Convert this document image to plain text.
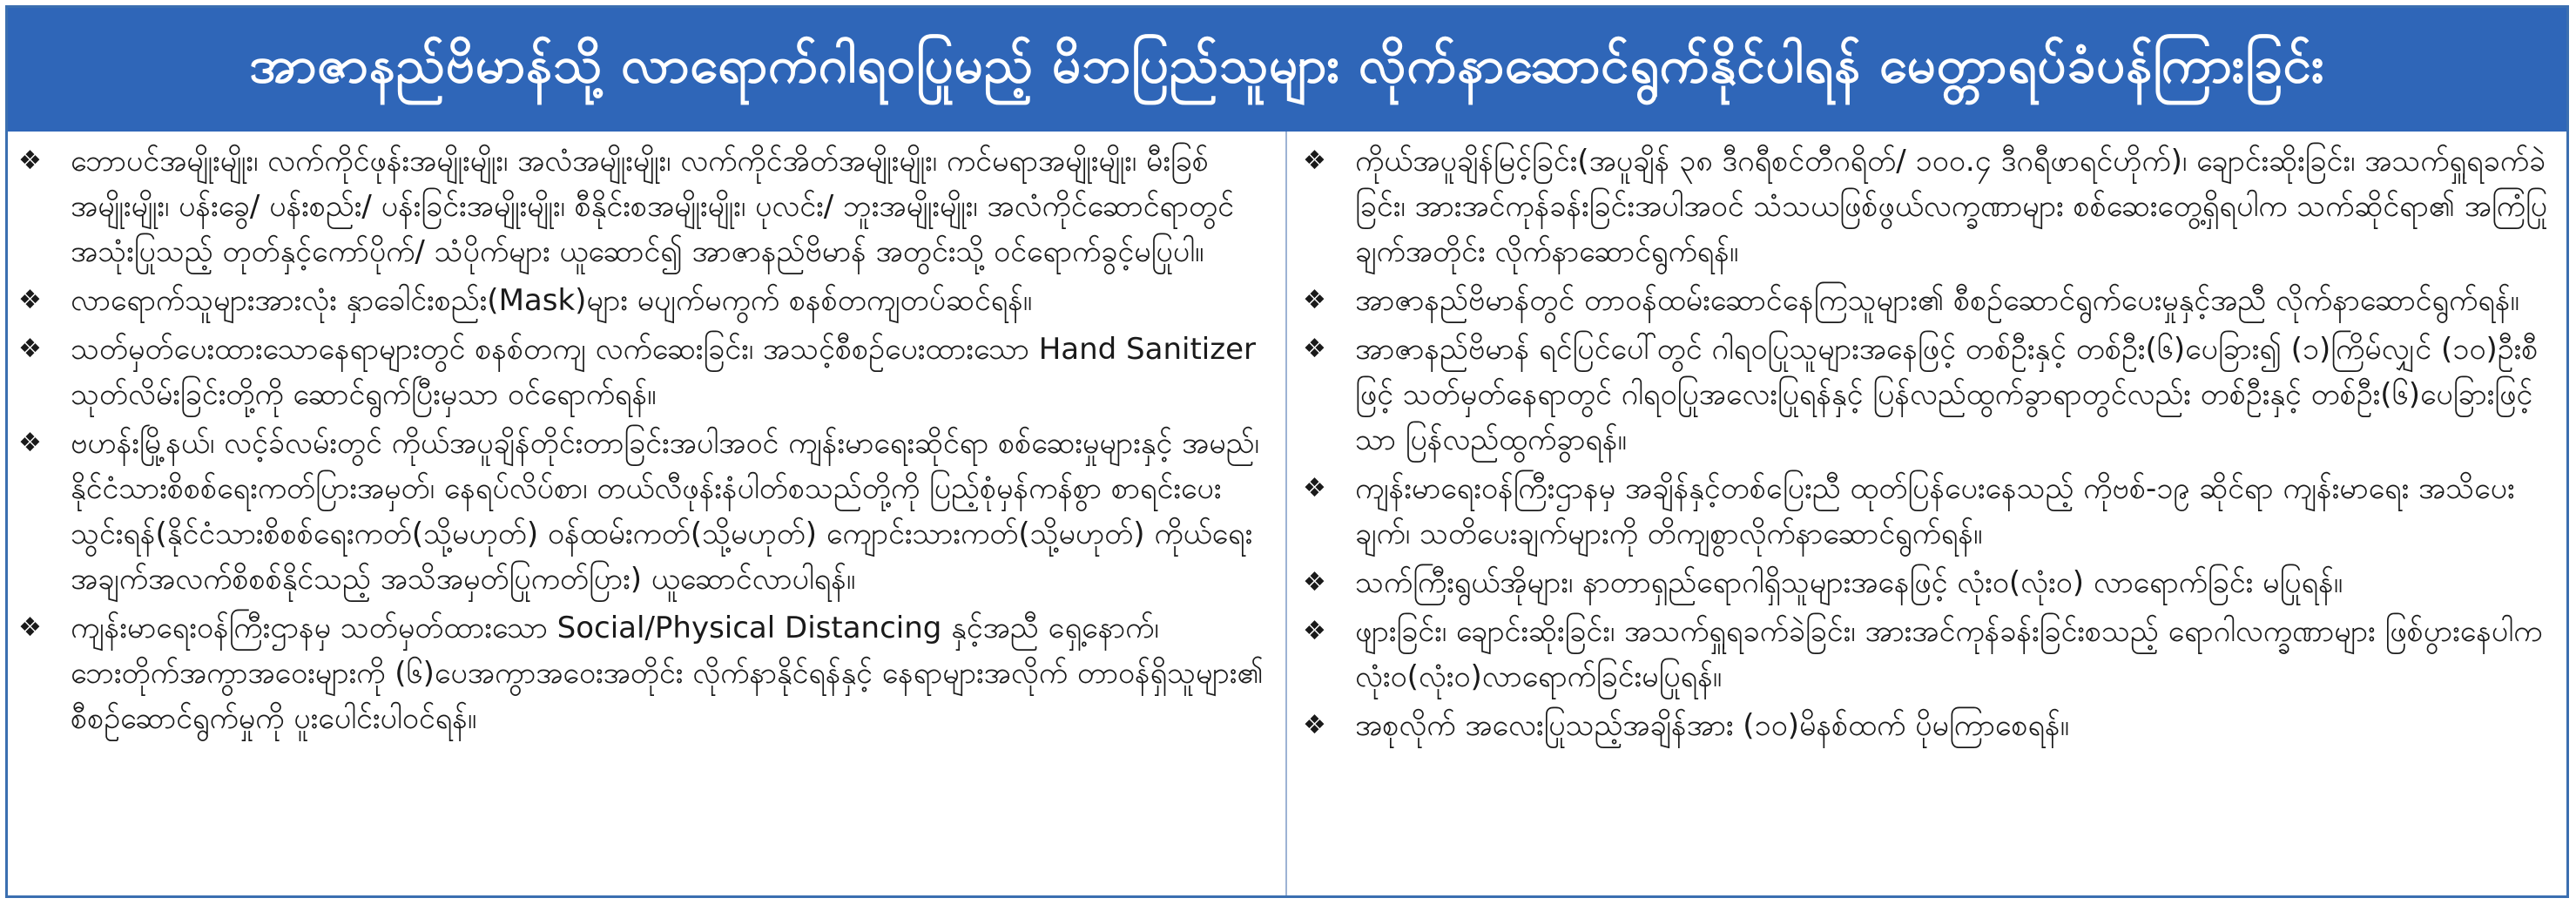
အာဇာနည်ဗိမာန်သို့ လာရောက်ဂါရဝပြုမည့် မိဘပြည်သူများ လိုက်နာဆောင်ရွက်နိုင်ပါရန် မေတ္တာရပ်ခံပန်ကြားခြင်း
❖ ဘောပင်အမျိုးမျိုး၊ လက်ကိုင်ဖုန်းအမျိုးမျိုး၊ အလံအမျိုးမျိုး၊ လက်ကိုင်အိတ်အမျိုးမျိုး၊ ကင်မရာအမျိုးမျိုး၊ မီးခြစ်အမျိုးမျိုး၊ ပန်းခွေ/ ပန်းစည်း/ ပန်းခြင်းအမျိုးမျိုး၊ စီနိုင်းစအမျိုးမျိုး၊ ပုလင်း/ ဘူးအမျိုးမျိုး၊ အလံကိုင်ဆောင်ရာတွင် အသုံးပြုသည့် တုတ်နှင့်ကော်ပိုက်/ သံပိုက်များ ယူဆောင်၍ အာဇာနည်ဗိမာန် အတွင်းသို့ ဝင်ရောက်ခွင့်မပြုပါ။
❖ လာရောက်သူများအားလုံး နှာခေါင်းစည်း(Mask)များ မပျက်မကွက် စနစ်တကျတပ်ဆင်ရန်။
❖ သတ်မှတ်ပေးထားသောနေရာများတွင် စနစ်တကျ လက်ဆေးခြင်း၊ အသင့်စီစဉ်ပေးထားသော Hand Sanitizer သုတ်လိမ်းခြင်းတို့ကို ဆောင်ရွက်ပြီးမှသာ ဝင်ရောက်ရန်။
❖ ဗဟန်းမြို့နယ်၊ လင့်ခ်လမ်းတွင် ကိုယ်အပူချိန်တိုင်းတာခြင်းအပါအဝင် ကျန်းမာရေးဆိုင်ရာ စစ်ဆေးမှုများနှင့် အမည်၊ နိုင်ငံသားစိစစ်ရေးကတ်ပြားအမှတ်၊ နေရပ်လိပ်စာ၊ တယ်လီဖုန်းနံပါတ်စသည်တို့ကို ပြည့်စုံမှန်ကန်စွာ စာရင်းပေးသွင်းရန်(နိုင်ငံသားစိစစ်ရေးကတ်(သို့မဟုတ်) ဝန်ထမ်းကတ်(သို့မဟုတ်) ကျောင်းသားကတ်(သို့မဟုတ်) ကိုယ်ရေးအချက်အလက်စိစစ်နိုင်သည့် အသိအမှတ်ပြုကတ်ပြား) ယူဆောင်လာပါရန်။
❖ ကျန်းမာရေးဝန်ကြီးဌာနမှ သတ်မှတ်ထားသော Social/Physical Distancing နှင့်အညီ ရှေ့နောက်၊ ဘေးတိုက်အကွာအဝေးများကို (၆)ပေအကွာအဝေးအတိုင်း လိုက်နာနိုင်ရန်နှင့် နေရာများအလိုက် တာဝန်ရှိသူများ၏ စီစဉ်ဆောင်ရွက်မှုကို ပူးပေါင်းပါဝင်ရန်။
❖ ကိုယ်အပူချိန်မြင့်ခြင်း(အပူချိန် ၃၈ ဒီဂရီစင်တီဂရိတ်/ ၁၀၀.၄ ဒီဂရီဖာရင်ဟိုက်)၊ ချောင်းဆိုးခြင်း၊ အသက်ရှူရခက်ခဲခြင်း၊ အားအင်ကုန်ခန်းခြင်းအပါအဝင် သံသယဖြစ်ဖွယ်လက္ခဏာများ စစ်ဆေးတွေ့ရှိရပါက သက်ဆိုင်ရာ၏ အကြံပြုချက်အတိုင်း လိုက်နာဆောင်ရွက်ရန်။
❖ အာဇာနည်ဗိမာန်တွင် တာဝန်ထမ်းဆောင်နေကြသူများ၏ စီစဉ်ဆောင်ရွက်ပေးမှုနှင့်အညီ လိုက်နာဆောင်ရွက်ရန်။
❖ အာဇာနည်ဗိမာန် ရင်ပြင်ပေါ်တွင် ဂါရဝပြုသူများအနေဖြင့် တစ်ဦးနှင့် တစ်ဦး(၆)ပေခြား၍ (၁)ကြိမ်လျှင် (၁၀)ဦးစီဖြင့် သတ်မှတ်နေရာတွင် ဂါရဝပြုအလေးပြုရန်နှင့် ပြန်လည်ထွက်ခွာရာတွင်လည်း တစ်ဦးနှင့် တစ်ဦး(၆)ပေခြားဖြင့်သာ ပြန်လည်ထွက်ခွာရန်။
❖ ကျန်းမာရေးဝန်ကြီးဌာနမှ အချိန်နှင့်တစ်ပြေးညီ ထုတ်ပြန်ပေးနေသည့် ကိုဗစ်-၁၉ ဆိုင်ရာ ကျန်းမာရေး အသိပေးချက်၊ သတိပေးချက်များကို တိကျစွာလိုက်နာဆောင်ရွက်ရန်။
❖ သက်ကြီးရွယ်အိုများ၊ နာတာရှည်ရောဂါရှိသူများအနေဖြင့် လုံးဝ(လုံးဝ) လာရောက်ခြင်း မပြုရန်။
❖ ဖျားခြင်း၊ ချောင်းဆိုးခြင်း၊ အသက်ရှူရခက်ခဲခြင်း၊ အားအင်ကုန်ခန်းခြင်းစသည့် ရောဂါလက္ခဏာများ ဖြစ်ပွားနေပါက လုံးဝ(လုံးဝ)လာရောက်ခြင်းမပြုရန်။
❖ အစုလိုက် အလေးပြုသည့်အချိန်အား (၁၀)မိနစ်ထက် ပိုမကြာစေရန်။
